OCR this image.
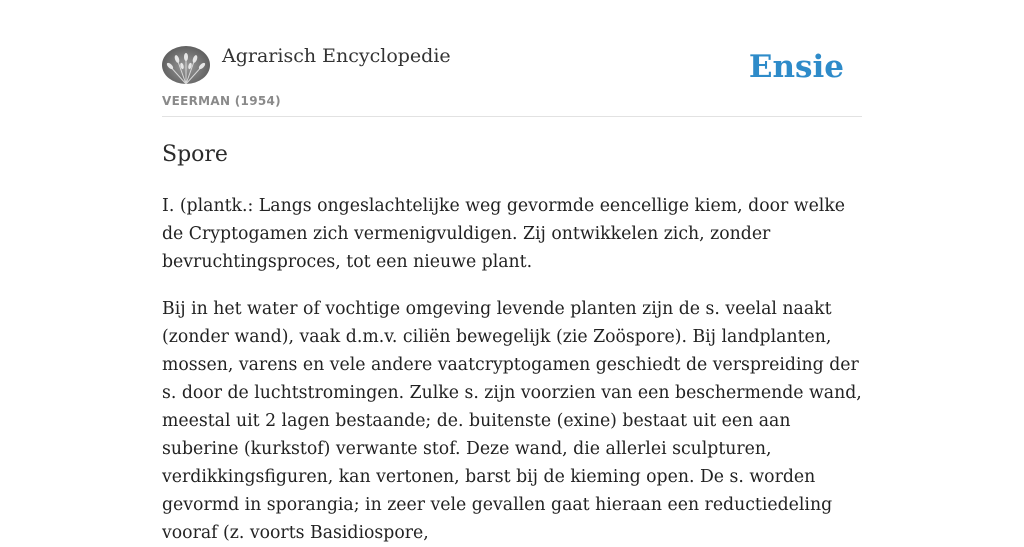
Agrarisch Encyclopedie
VEERMAN (1954)
Ensie
Spore

I. (plantk.: Langs ongeslachtelijke weg gevormde eencellige kiem, door welke de Cryptogamen zich vermenigvuldigen. Zij ontwikkelen zich, zonder bevruchtingsproces, tot een nieuwe plant.

Bij in het water of vochtige omgeving levende planten zijn de s. veelal naakt (zonder wand), vaak d.m.v. ciliën bewegelijk (zie Zoöspore). Bij landplanten, mossen, varens en vele andere vaatcryptogamen geschiedt de verspreiding der s. door de luchtstromingen. Zulke s. zijn voorzien van een beschermende wand, meestal uit 2 lagen bestaande; de. buitenste (exine) bestaat uit een aan suberine (kurkstof) verwante stof. Deze wand, die allerlei sculpturen, verdikkingsfiguren, kan vertonen, barst bij de kieming open. De s. worden gevormd in sporangia; in zeer vele gevallen gaat hieraan een reductiedeling vooraf (z. voorts Basidiospore,
